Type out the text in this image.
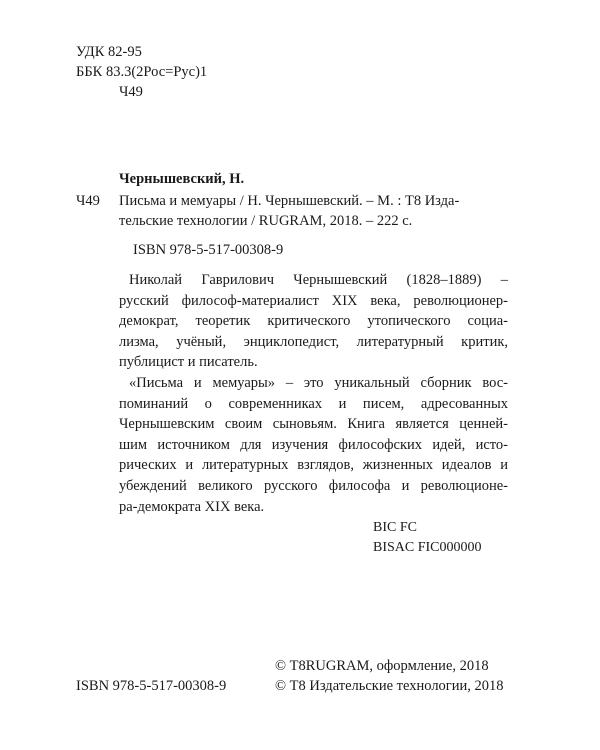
УДК 82-95
ББК 83.3(2Рос=Рус)1
Ч49
Чернышевский, Н.
Ч49 Письма и мемуары / Н. Чернышевский. – М. : Т8 Изда-
тельские технологии / RUGRAM, 2018. – 222 с.
ISBN 978-5-517-00308-9
Николай Гаврилович Чернышевский (1828–1889) –
русский философ-материалист XIX века, революционер-
демократ, теоретик критического утопического социа-
лизма, учёный, энциклопедист, литературный критик,
публицист и писатель.
«Письма и мемуары» – это уникальный сборник вос-
поминаний о современниках и писем, адресованных
Чернышевским своим сыновьям. Книга является ценней-
шим источником для изучения философских идей, исто-
рических и литературных взглядов, жизненных идеалов и
убеждений великого русского философа и революционе-
ра-демократа XIX века.
BIC FC
BISAC FIC000000
© Т8RUGRAM, оформление, 2018
ISBN 978-5-517-00308-9	© Т8 Издательские технологии, 2018
